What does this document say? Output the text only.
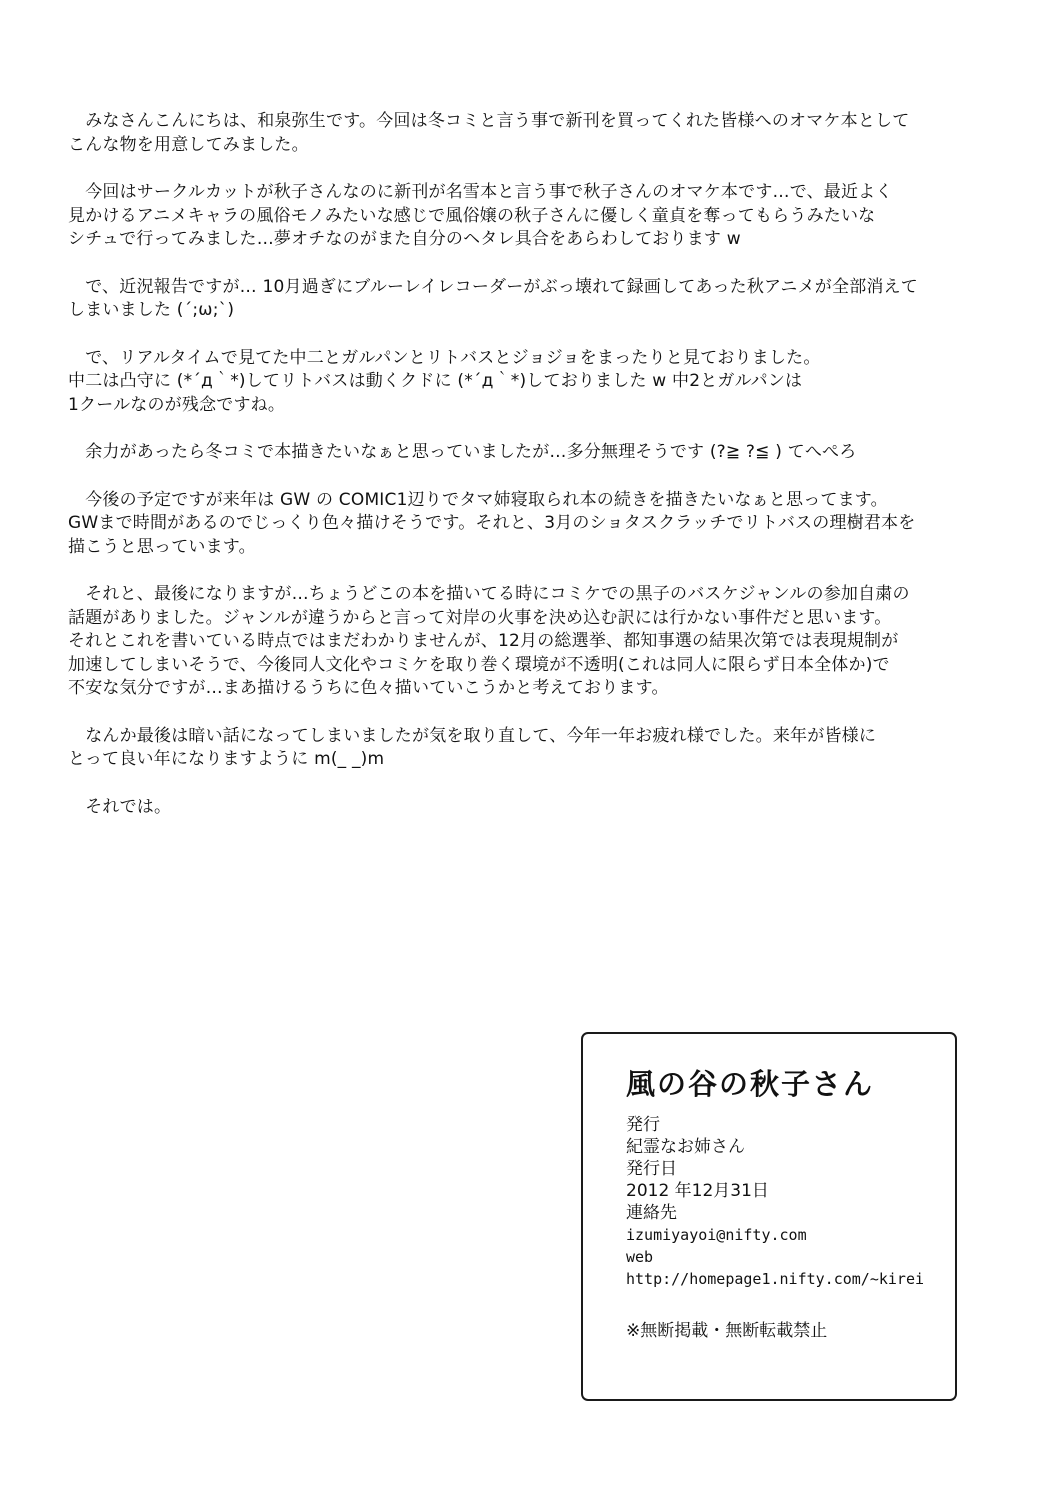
　みなさんこんにちは、和泉弥生です。今回は冬コミと言う事で新刊を買ってくれた皆様へのオマケ本として
こんな物を用意してみました。

　今回はサークルカットが秋子さんなのに新刊が名雪本と言う事で秋子さんのオマケ本です…で、最近よく
見かけるアニメキャラの風俗モノみたいな感じで風俗嬢の秋子さんに優しく童貞を奪ってもらうみたいな
シチュで行ってみました…夢オチなのがまた自分のヘタレ具合をあらわしております w

　で、近況報告ですが… 10月過ぎにブルーレイレコーダーがぶっ壊れて録画してあった秋アニメが全部消えて
しまいました (´;ω;`)

　で、リアルタイムで見てた中二とガルパンとリトバスとジョジョをまったりと見ておりました。
中二は凸守に (*´д｀*)してリトバスは動くクドに (*´д｀*)しておりました w 中2とガルパンは
1クールなのが残念ですね。

　余力があったら冬コミで本描きたいなぁと思っていましたが…多分無理そうです (?≧ ?≦ ) てへぺろ

　今後の予定ですが来年は GW の COMIC1辺りでタマ姉寝取られ本の続きを描きたいなぁと思ってます。
GWまで時間があるのでじっくり色々描けそうです。それと、3月のショタスクラッチでリトバスの理樹君本を
描こうと思っています。

　それと、最後になりますが…ちょうどこの本を描いてる時にコミケでの黒子のバスケジャンルの参加自粛の
話題がありました。ジャンルが違うからと言って対岸の火事を決め込む訳には行かない事件だと思います。
それとこれを書いている時点ではまだわかりませんが、12月の総選挙、都知事選の結果次第では表現規制が
加速してしまいそうで、今後同人文化やコミケを取り巻く環境が不透明(これは同人に限らず日本全体か)で
不安な気分ですが…まあ描けるうちに色々描いていこうかと考えております。

　なんか最後は暗い話になってしまいましたが気を取り直して、今年一年お疲れ様でした。来年が皆様に
とって良い年になりますように m(_ _)m

　それでは。

風の谷の秋子さん
発行
紀霊なお姉さん
発行日
2012 年12月31日
連絡先
izumiyayoi@nifty.com
web
http://homepage1.nifty.com/~kirei
※無断掲載・無断転載禁止
